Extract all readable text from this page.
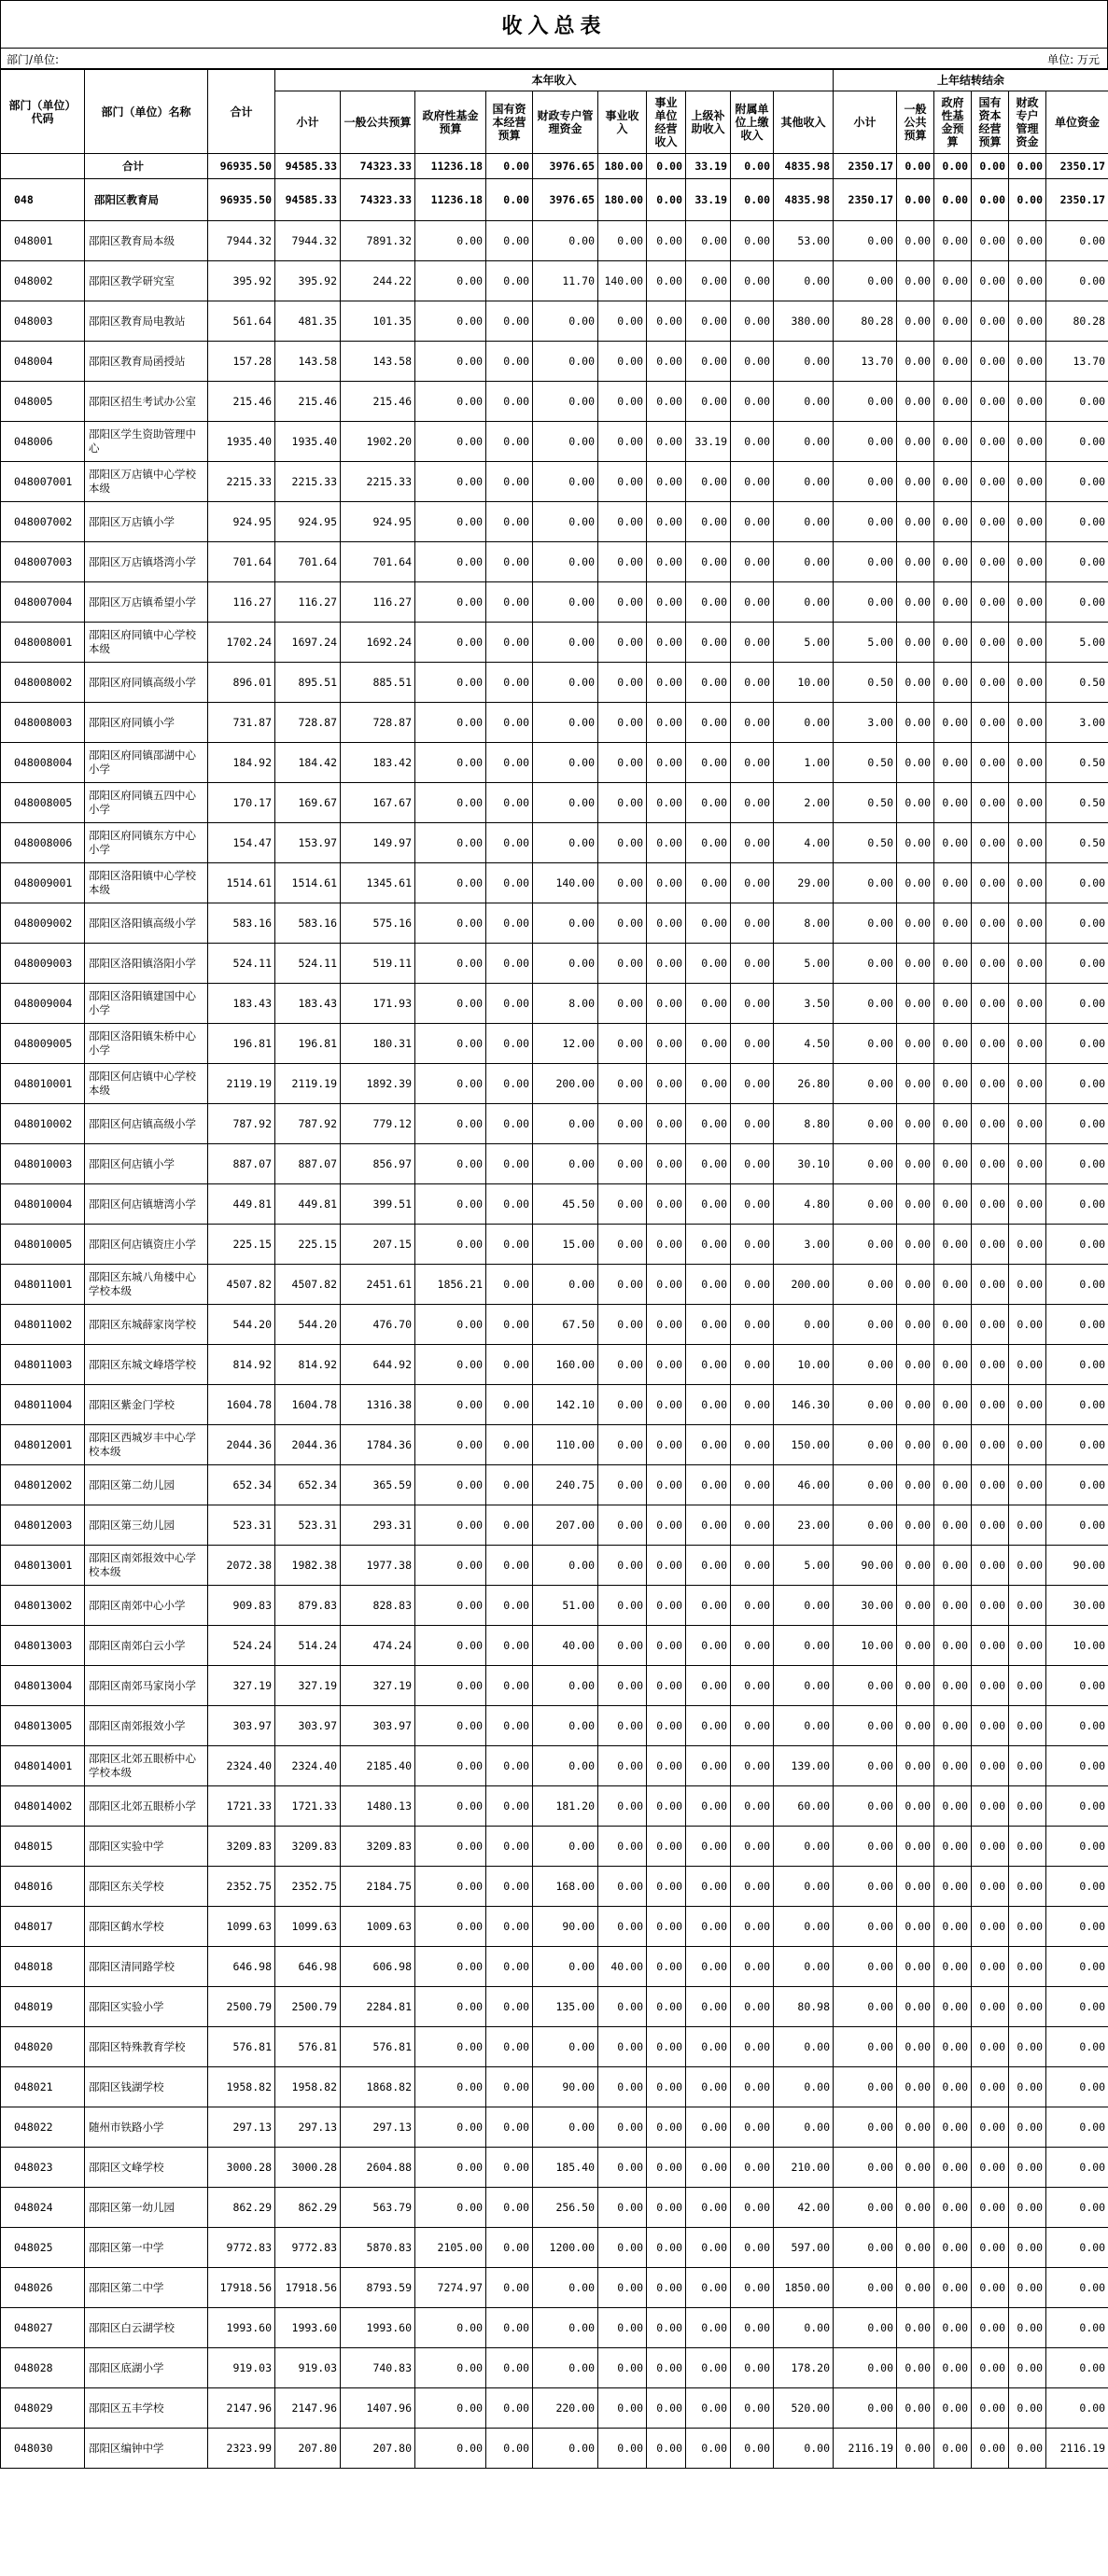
收入总表
部门/单位:	单位: 万元
部门（单位）代码	部门（单位）名称	合计	本年收入										上年结转结余					
			小计	一般公共预算	政府性基金预算	国有资本经营预算	财政专户管理资金	事业收入	事业单位经营收入	上级补助收入	附属单位上缴收入	其他收入	小计	一般公共预算	政府性基金预算	国有资本经营预算	财政专户管理资金	单位资金
	合计	96935.50	94585.33	74323.33	11236.18	0.00	3976.65	180.00	0.00	33.19	0.00	4835.98	2350.17	0.00	0.00	0.00	0.00	2350.17
048	邵阳区教育局	96935.50	94585.33	74323.33	11236.18	0.00	3976.65	180.00	0.00	33.19	0.00	4835.98	2350.17	0.00	0.00	0.00	0.00	2350.17
048001	邵阳区教育局本级	7944.32	7944.32	7891.32	0.00	0.00	0.00	0.00	0.00	0.00	0.00	53.00	0.00	0.00	0.00	0.00	0.00	0.00
048002	邵阳区教学研究室	395.92	395.92	244.22	0.00	0.00	11.70	140.00	0.00	0.00	0.00	0.00	0.00	0.00	0.00	0.00	0.00	0.00
048003	邵阳区教育局电教站	561.64	481.35	101.35	0.00	0.00	0.00	0.00	0.00	0.00	0.00	380.00	80.28	0.00	0.00	0.00	0.00	80.28
048004	邵阳区教育局函授站	157.28	143.58	143.58	0.00	0.00	0.00	0.00	0.00	0.00	0.00	0.00	13.70	0.00	0.00	0.00	0.00	13.70
048005	邵阳区招生考试办公室	215.46	215.46	215.46	0.00	0.00	0.00	0.00	0.00	0.00	0.00	0.00	0.00	0.00	0.00	0.00	0.00	0.00
048006	邵阳区学生资助管理中心	1935.40	1935.40	1902.20	0.00	0.00	0.00	0.00	0.00	33.19	0.00	0.00	0.00	0.00	0.00	0.00	0.00	0.00
048007001	邵阳区万店镇中心学校本级	2215.33	2215.33	2215.33	0.00	0.00	0.00	0.00	0.00	0.00	0.00	0.00	0.00	0.00	0.00	0.00	0.00	0.00
048007002	邵阳区万店镇小学	924.95	924.95	924.95	0.00	0.00	0.00	0.00	0.00	0.00	0.00	0.00	0.00	0.00	0.00	0.00	0.00	0.00
048007003	邵阳区万店镇塔湾小学	701.64	701.64	701.64	0.00	0.00	0.00	0.00	0.00	0.00	0.00	0.00	0.00	0.00	0.00	0.00	0.00	0.00
048007004	邵阳区万店镇希望小学	116.27	116.27	116.27	0.00	0.00	0.00	0.00	0.00	0.00	0.00	0.00	0.00	0.00	0.00	0.00	0.00	0.00
048008001	邵阳区府同镇中心学校本级	1702.24	1697.24	1692.24	0.00	0.00	0.00	0.00	0.00	0.00	0.00	5.00	5.00	0.00	0.00	0.00	0.00	5.00
048008002	邵阳区府同镇高级小学	896.01	895.51	885.51	0.00	0.00	0.00	0.00	0.00	0.00	0.00	10.00	0.50	0.00	0.00	0.00	0.00	0.50
048008003	邵阳区府同镇小学	731.87	728.87	728.87	0.00	0.00	0.00	0.00	0.00	0.00	0.00	0.00	3.00	0.00	0.00	0.00	0.00	3.00
048008004	邵阳区府同镇邵湖中心小学	184.92	184.42	183.42	0.00	0.00	0.00	0.00	0.00	0.00	0.00	1.00	0.50	0.00	0.00	0.00	0.00	0.50
048008005	邵阳区府同镇五四中心小学	170.17	169.67	167.67	0.00	0.00	0.00	0.00	0.00	0.00	0.00	2.00	0.50	0.00	0.00	0.00	0.00	0.50
048008006	邵阳区府同镇东方中心小学	154.47	153.97	149.97	0.00	0.00	0.00	0.00	0.00	0.00	0.00	4.00	0.50	0.00	0.00	0.00	0.00	0.50
048009001	邵阳区洛阳镇中心学校本级	1514.61	1514.61	1345.61	0.00	0.00	140.00	0.00	0.00	0.00	0.00	29.00	0.00	0.00	0.00	0.00	0.00	0.00
048009002	邵阳区洛阳镇高级小学	583.16	583.16	575.16	0.00	0.00	0.00	0.00	0.00	0.00	0.00	8.00	0.00	0.00	0.00	0.00	0.00	0.00
048009003	邵阳区洛阳镇洛阳小学	524.11	524.11	519.11	0.00	0.00	0.00	0.00	0.00	0.00	0.00	5.00	0.00	0.00	0.00	0.00	0.00	0.00
048009004	邵阳区洛阳镇建国中心小学	183.43	183.43	171.93	0.00	0.00	8.00	0.00	0.00	0.00	0.00	3.50	0.00	0.00	0.00	0.00	0.00	0.00
048009005	邵阳区洛阳镇朱桥中心小学	196.81	196.81	180.31	0.00	0.00	12.00	0.00	0.00	0.00	0.00	4.50	0.00	0.00	0.00	0.00	0.00	0.00
048010001	邵阳区何店镇中心学校本级	2119.19	2119.19	1892.39	0.00	0.00	200.00	0.00	0.00	0.00	0.00	26.80	0.00	0.00	0.00	0.00	0.00	0.00
048010002	邵阳区何店镇高级小学	787.92	787.92	779.12	0.00	0.00	0.00	0.00	0.00	0.00	0.00	8.80	0.00	0.00	0.00	0.00	0.00	0.00
048010003	邵阳区何店镇小学	887.07	887.07	856.97	0.00	0.00	0.00	0.00	0.00	0.00	0.00	30.10	0.00	0.00	0.00	0.00	0.00	0.00
048010004	邵阳区何店镇塘湾小学	449.81	449.81	399.51	0.00	0.00	45.50	0.00	0.00	0.00	0.00	4.80	0.00	0.00	0.00	0.00	0.00	0.00
048010005	邵阳区何店镇资庄小学	225.15	225.15	207.15	0.00	0.00	15.00	0.00	0.00	0.00	0.00	3.00	0.00	0.00	0.00	0.00	0.00	0.00
048011001	邵阳区东城八角楼中心学校本级	4507.82	4507.82	2451.61	1856.21	0.00	0.00	0.00	0.00	0.00	0.00	200.00	0.00	0.00	0.00	0.00	0.00	0.00
048011002	邵阳区东城薛家岗学校	544.20	544.20	476.70	0.00	0.00	67.50	0.00	0.00	0.00	0.00	0.00	0.00	0.00	0.00	0.00	0.00	0.00
048011003	邵阳区东城文峰塔学校	814.92	814.92	644.92	0.00	0.00	160.00	0.00	0.00	0.00	0.00	10.00	0.00	0.00	0.00	0.00	0.00	0.00
048011004	邵阳区紫金门学校	1604.78	1604.78	1316.38	0.00	0.00	142.10	0.00	0.00	0.00	0.00	146.30	0.00	0.00	0.00	0.00	0.00	0.00
048012001	邵阳区西城岁丰中心学校本级	2044.36	2044.36	1784.36	0.00	0.00	110.00	0.00	0.00	0.00	0.00	150.00	0.00	0.00	0.00	0.00	0.00	0.00
048012002	邵阳区第二幼儿园	652.34	652.34	365.59	0.00	0.00	240.75	0.00	0.00	0.00	0.00	46.00	0.00	0.00	0.00	0.00	0.00	0.00
048012003	邵阳区第三幼儿园	523.31	523.31	293.31	0.00	0.00	207.00	0.00	0.00	0.00	0.00	23.00	0.00	0.00	0.00	0.00	0.00	0.00
048013001	邵阳区南郊报效中心学校本级	2072.38	1982.38	1977.38	0.00	0.00	0.00	0.00	0.00	0.00	0.00	5.00	90.00	0.00	0.00	0.00	0.00	90.00
048013002	邵阳区南郊中心小学	909.83	879.83	828.83	0.00	0.00	51.00	0.00	0.00	0.00	0.00	0.00	30.00	0.00	0.00	0.00	0.00	30.00
048013003	邵阳区南郊白云小学	524.24	514.24	474.24	0.00	0.00	40.00	0.00	0.00	0.00	0.00	0.00	10.00	0.00	0.00	0.00	0.00	10.00
048013004	邵阳区南郊马家岗小学	327.19	327.19	327.19	0.00	0.00	0.00	0.00	0.00	0.00	0.00	0.00	0.00	0.00	0.00	0.00	0.00	0.00
048013005	邵阳区南郊报效小学	303.97	303.97	303.97	0.00	0.00	0.00	0.00	0.00	0.00	0.00	0.00	0.00	0.00	0.00	0.00	0.00	0.00
048014001	邵阳区北郊五眼桥中心学校本级	2324.40	2324.40	2185.40	0.00	0.00	0.00	0.00	0.00	0.00	0.00	139.00	0.00	0.00	0.00	0.00	0.00	0.00
048014002	邵阳区北郊五眼桥小学	1721.33	1721.33	1480.13	0.00	0.00	181.20	0.00	0.00	0.00	0.00	60.00	0.00	0.00	0.00	0.00	0.00	0.00
048015	邵阳区实验中学	3209.83	3209.83	3209.83	0.00	0.00	0.00	0.00	0.00	0.00	0.00	0.00	0.00	0.00	0.00	0.00	0.00	0.00
048016	邵阳区东关学校	2352.75	2352.75	2184.75	0.00	0.00	168.00	0.00	0.00	0.00	0.00	0.00	0.00	0.00	0.00	0.00	0.00	0.00
048017	邵阳区鹤水学校	1099.63	1099.63	1009.63	0.00	0.00	90.00	0.00	0.00	0.00	0.00	0.00	0.00	0.00	0.00	0.00	0.00	0.00
048018	邵阳区清同路学校	646.98	646.98	606.98	0.00	0.00	0.00	40.00	0.00	0.00	0.00	0.00	0.00	0.00	0.00	0.00	0.00	0.00
048019	邵阳区实验小学	2500.79	2500.79	2284.81	0.00	0.00	135.00	0.00	0.00	0.00	0.00	80.98	0.00	0.00	0.00	0.00	0.00	0.00
048020	邵阳区特殊教育学校	576.81	576.81	576.81	0.00	0.00	0.00	0.00	0.00	0.00	0.00	0.00	0.00	0.00	0.00	0.00	0.00	0.00
048021	邵阳区钱湖学校	1958.82	1958.82	1868.82	0.00	0.00	90.00	0.00	0.00	0.00	0.00	0.00	0.00	0.00	0.00	0.00	0.00	0.00
048022	随州市铁路小学	297.13	297.13	297.13	0.00	0.00	0.00	0.00	0.00	0.00	0.00	0.00	0.00	0.00	0.00	0.00	0.00	0.00
048023	邵阳区文峰学校	3000.28	3000.28	2604.88	0.00	0.00	185.40	0.00	0.00	0.00	0.00	210.00	0.00	0.00	0.00	0.00	0.00	0.00
048024	邵阳区第一幼儿园	862.29	862.29	563.79	0.00	0.00	256.50	0.00	0.00	0.00	0.00	42.00	0.00	0.00	0.00	0.00	0.00	0.00
048025	邵阳区第一中学	9772.83	9772.83	5870.83	2105.00	0.00	1200.00	0.00	0.00	0.00	0.00	597.00	0.00	0.00	0.00	0.00	0.00	0.00
048026	邵阳区第二中学	17918.56	17918.56	8793.59	7274.97	0.00	0.00	0.00	0.00	0.00	0.00	1850.00	0.00	0.00	0.00	0.00	0.00	0.00
048027	邵阳区白云湖学校	1993.60	1993.60	1993.60	0.00	0.00	0.00	0.00	0.00	0.00	0.00	0.00	0.00	0.00	0.00	0.00	0.00	0.00
048028	邵阳区底湖小学	919.03	919.03	740.83	0.00	0.00	0.00	0.00	0.00	0.00	0.00	178.20	0.00	0.00	0.00	0.00	0.00	0.00
048029	邵阳区五丰学校	2147.96	2147.96	1407.96	0.00	0.00	220.00	0.00	0.00	0.00	0.00	520.00	0.00	0.00	0.00	0.00	0.00	0.00
048030	邵阳区编钟中学	2323.99	207.80	207.80	0.00	0.00	0.00	0.00	0.00	0.00	0.00	0.00	2116.19	0.00	0.00	0.00	0.00	2116.19
